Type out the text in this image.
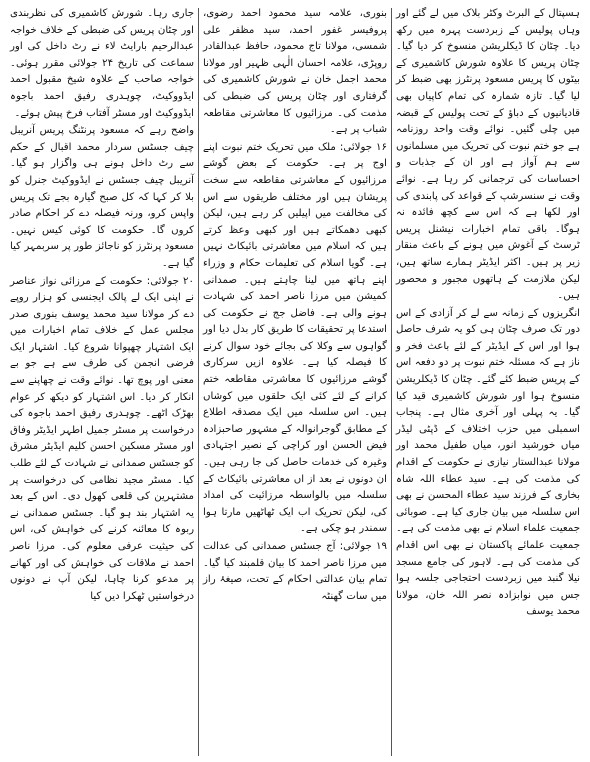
ہسپتال کے البرٹ وکٹر بلاک میں لے گئے اور وہاں پولیس کے زبردست پہرہ میں رکھ دیا۔ چٹان کا ڈیکلریشن منسوخ کر دیا گیا۔ چٹان پریس کا علاوہ شورش کاشمیری کے بیٹوں کا پریس مسعود پرنٹرز بھی ضبط کر لیا گیا۔ تازہ شمارہ کی تمام کاپیاں بھی قادیانیوں کے دباؤ کے تحت پولیس کے قبضہ میں چلی گئیں۔ نوائے وقت واحد روزنامہ ہے جو ختم نبوت کی تحریک میں مسلمانوں سے ہم آواز ہے اور ان کے جذبات و احساسات کی ترجمانی کر رہا ہے۔ نوائے وقت نے سنسرشپ کے قواعد کی پابندی کی اور لکھا ہے کہ اس سے کچھ فائدہ نہ ہوگا۔ باقی تمام اخبارات نیشنل پریس ٹرسٹ کے آغوش میں ہونے کے باعث منقار زیر پر ہیں۔ اکثر ایڈیٹر ہمارے ساتھ ہیں، لیکن ملازمت کے ہاتھوں مجبور و محصور ہیں۔

انگریزوں کے زمانہ سے لے کر آزادی کے اس دور تک صرف چٹان ہی کو یہ شرف حاصل ہوا اور اس کے ایڈیٹر کے لئے باعث فخر و ناز ہے کہ مسئلہ ختم نبوت پر دو دفعہ اس کے پریس ضبط کئے گئے۔ چٹان کا ڈیکلریشن منسوخ ہوا اور شورش کاشمیری قید کیا گیا۔ یہ پہلی اور آخری مثال ہے۔ پنجاب اسمبلی میں حزب اختلاف کے ڈپٹی لیڈر میاں خورشید انور، میاں طفیل محمد اور مولانا عبدالستار نیازی نے حکومت کے اقدام کی مذمت کی ہے۔ سید عطاء اللہ شاہ بخاری کے فرزند سید عطاء المحسن نے بھی اس سلسلہ میں بیان جاری کیا ہے۔ صوبائی جمعیت علماء اسلام نے بھی مذمت کی ہے۔ جمعیت علمائے پاکستان نے بھی اس اقدام کی مذمت کی ہے۔ لاہور کی جامع مسجد نیلا گنبد میں زبردست احتجاجی جلسہ ہوا جس میں نوابزادہ نصر اللہ خان، مولانا محمد یوسف

بنوری، علامہ سید محمود احمد رضوی، پروفیسر غفور احمد، سید مظفر علی شمسی، مولانا تاج محمود، حافظ عبدالقادر روپڑی، علامہ احسان الٰہی ظہیر اور مولانا محمد اجمل خان نے شورش کاشمیری کی گرفتاری اور چٹان پریس کی ضبطی کی مذمت کی۔ مرزائیوں کا معاشرتی مقاطعہ شباب پر ہے۔

۱۶ جولائی: ملک میں تحریک ختم نبوت اپنے اوج پر ہے۔ حکومت کے بعض گوشے مرزائیوں کے معاشرتی مقاطعہ سے سخت پریشان ہیں اور مختلف طریقوں سے اس کی مخالفت میں اپیلیں کر رہے ہیں، لیکن کبھی دھمکاتے ہیں اور کبھی وعظ کرتے ہیں کہ اسلام میں معاشرتی بائیکاٹ نہیں ہے۔ گویا اسلام کی تعلیمات حکام و وزراء اپنے ہاتھ میں لینا چاہتے ہیں۔ صمدانی کمیشن میں مرزا ناصر احمد کی شہادت ہونے والی ہے۔ فاضل جج نے حکومت کی استدعا پر تحقیقات کا طریق کار بدل دیا اور گواہوں سے وکلا کی بجائے خود سوال کرنے کا فیصلہ کیا ہے۔ علاوہ ازیں سرکاری گوشے مرزائیوں کا معاشرتی مقاطعہ ختم کرانے کے لئے کئی ایک حلقوں میں کوشاں ہیں۔ اس سلسلہ میں ایک مصدقہ اطلاع کے مطابق گوجرانوالہ کے مشہور صاحبزادہ فیض الحسن اور کراچی کے نصیر اجتہادی وغیرہ کی خدمات حاصل کی جا رہی ہیں۔ ان دونوں نے بعد از اں معاشرتی بائیکاٹ کے سلسلہ میں بالواسطہ مرزائیت کی امداد کی، لیکن تحریک اب ایک ٹھاٹھیں مارتا ہوا سمندر ہو چکی ہے۔

۱۹ جولائی: آج جسٹس صمدانی کی عدالت میں مرزا ناصر احمد کا بیان قلمبند کیا گیا۔ تمام بیان عدالتی احکام کے تحت، صیغۂ راز میں سات گھنٹہ

جاری رہا۔ شورش کاشمیری کی نظربندی اور چٹان پریس کی ضبطی کے خلاف خواجہ عبدالرحیم بارایٹ لاء نے رٹ داخل کی اور سماعت کی تاریخ ۲۴ جولائی مقرر ہوئی۔ خواجہ صاحب کے علاوہ شیخ مقبول احمد ایڈووکیٹ، چوہدری رفیق احمد باجوہ ایڈووکیٹ اور مسٹر آفتاب فرخ پیش ہوئے۔

واضح رہے کہ مسعود پرنٹنگ پریس آنریبل چیف جسٹس سردار محمد اقبال کے حکم سے رٹ داخل ہونے ہی واگزار ہو گیا۔ آنریبل چیف جسٹس نے ایڈووکیٹ جنرل کو بلا کر کہا کہ کل صبح گیارہ بجے تک پریس واپس کرو، ورنہ فیصلہ دے کر احکام صادر کروں گا۔ حکومت کا کوئی کیس نہیں۔ مسعود پرنٹرز کو ناجائز طور پر سربمہر کیا گیا ہے۔

۲۰ جولائی: حکومت کے مرزائی نواز عناصر نے اپنی ایک لے پالک ایجنسی کو ہزار روپے دے کر مولانا سید محمد یوسف بنوری صدر مجلس عمل کے خلاف تمام اخبارات میں ایک اشتہار چھپوانا شروع کیا۔ اشتہار ایک فرضی انجمن کی طرف سے ہے جو بے معنی اور پوچ تھا۔ نوائے وقت نے چھاپنے سے انکار کر دیا۔ اس اشتہار کو دیکھ کر عوام بھڑک اٹھے۔ چوہدری رفیق احمد باجوہ کی درخواست پر مسٹر جمیل اطہر ایڈیٹر وفاق اور مسٹر مسکین احسن کلیم ایڈیٹر مشرق کو جسٹس صمدانی نے شہادت کے لئے طلب کیا۔ مسٹر مجید نظامی کی درخواست پر مشتہرین کی قلعی کھول دی۔ اس کے بعد یہ اشتہار بند ہو گیا۔ جسٹس صمدانی نے ربوہ کا معائنہ کرنے کی خواہش کی، اس کی حیثیت عرفی معلوم کی۔ مرزا ناصر احمد نے ملاقات کی خواہش کی اور کھانے پر مدعو کرنا چاہا، لیکن آپ نے دونوں درخواستیں ٹھکرا دیں کیا
